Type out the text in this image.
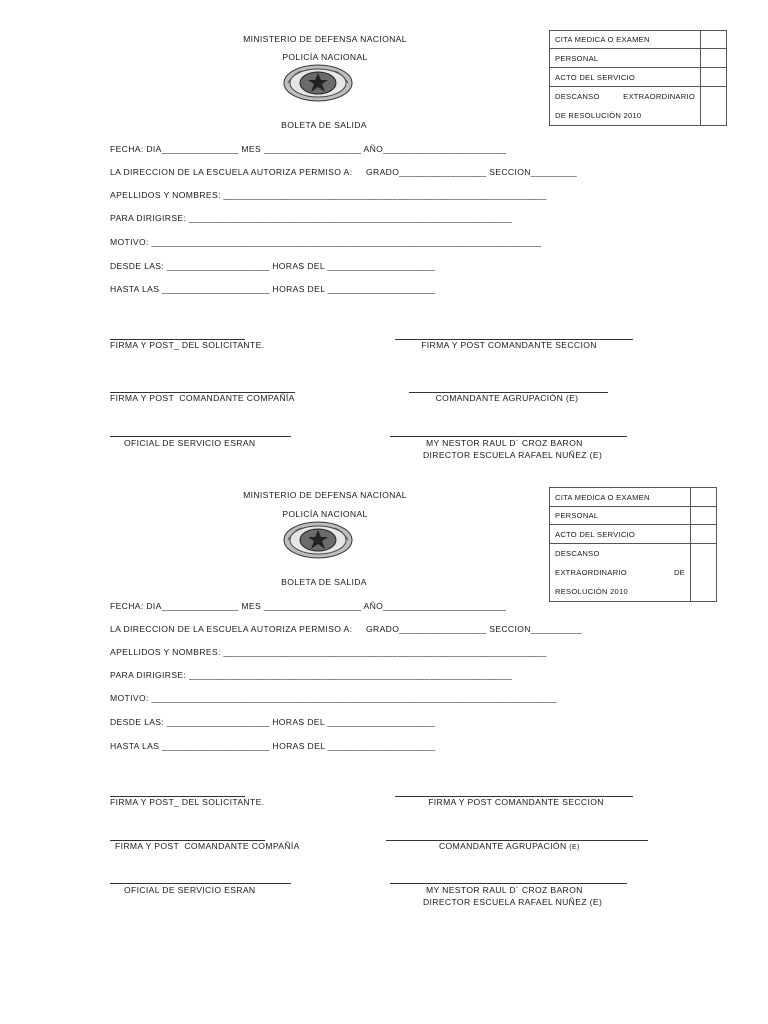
MINISTERIO DE DEFENSA NACIONAL
POLICÍA NACIONAL
BOLETA DE SALIDA
CITA MEDICA O EXAMEN	
PERSONAL	
ACTO DEL SERVICIO	

DESCANSO EXTRAORDINARIO
DE RESOLUCIÓN 2010	

FECHA: DIA_______________ MES ___________________ AÑO________________________
LA DIRECCION DE LA ESCUELA AUTORIZA PERMISO A:     GRADO_________________ SECCION_________
APELLIDOS Y NOMBRES: _______________________________________________________________
PARA DIRIGIRSE: _______________________________________________________________
MOTIVO: ____________________________________________________________________________
DESDE LAS: ____________________ HORAS DEL _____________________
HASTA LAS _____________________ HORAS DEL _____________________
FIRMA Y POST_ DEL SOLICITANTE.	FIRMA Y POST COMANDANTE SECCION
FIRMA Y POST  COMANDANTE COMPAÑÍA	COMANDANTE AGRUPACIÓN (E)
OFICIAL DE SERVICIO ESRAN	MY NESTOR RAUL D´ CROZ BARON
DIRECTOR ESCUELA RAFAEL NUÑEZ (E)
MINISTERIO DE DEFENSA NACIONAL
POLICÍA NACIONAL
BOLETA DE SALIDA
CITA MEDICA O EXAMEN	
PERSONAL	
ACTO DEL SERVICIO	

DESCANSO
EXTRAORDINARIO DE
RESOLUCIÓN 2010	

FECHA: DIA_______________ MES ___________________ AÑO________________________
LA DIRECCION DE LA ESCUELA AUTORIZA PERMISO A:     GRADO_________________ SECCION__________
APELLIDOS Y NOMBRES: _______________________________________________________________
PARA DIRIGIRSE: _______________________________________________________________
MOTIVO: _______________________________________________________________________________
DESDE LAS: ____________________ HORAS DEL _____________________
HASTA LAS _____________________ HORAS DEL _____________________
FIRMA Y POST_ DEL SOLICITANTE.	FIRMA Y POST COMANDANTE SECCION
FIRMA Y POST  COMANDANTE COMPAÑÍA	COMANDANTE AGRUPACIÓN (E)
OFICIAL DE SERVICIO ESRAN	MY NESTOR RAUL D´ CROZ BARON
DIRECTOR ESCUELA RAFAEL NUÑEZ (E)
